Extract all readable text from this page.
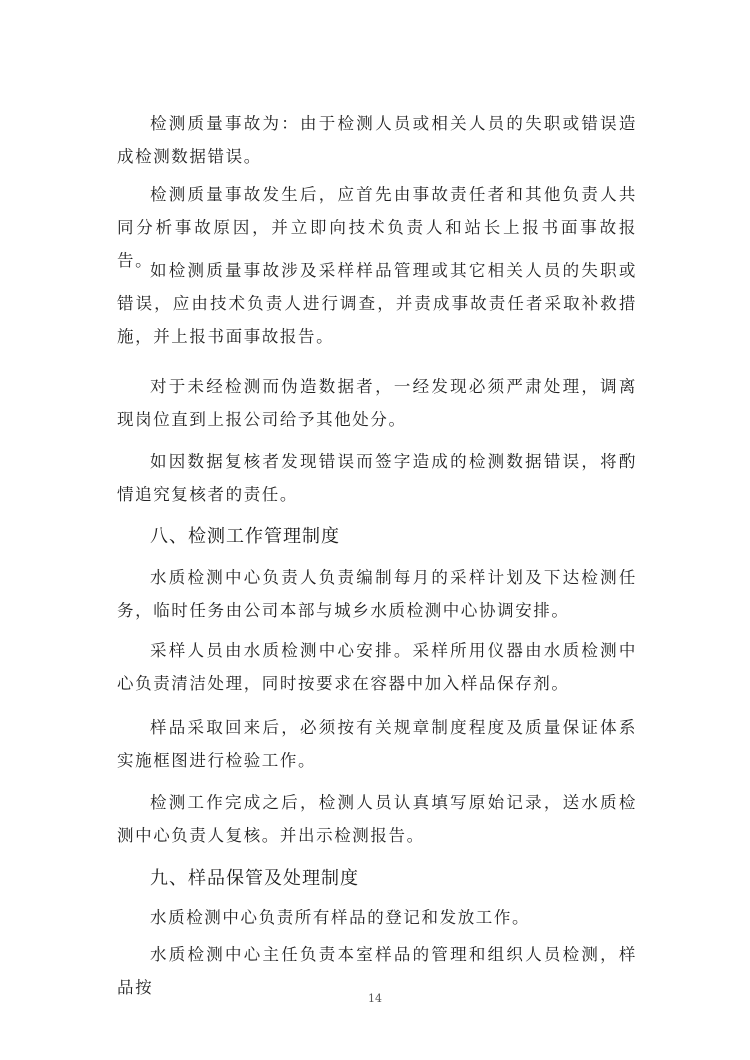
检测质量事故为：由于检测人员或相关人员的失职或错误造成检测数据错误。

检测质量事故发生后，应首先由事故责任者和其他负责人共同分析事故原因，并立即向技术负责人和站长上报书面事故报告。

如检测质量事故涉及采样样品管理或其它相关人员的失职或错误，应由技术负责人进行调查，并责成事故责任者采取补救措施，并上报书面事故报告。

对于未经检测而伪造数据者，一经发现必须严肃处理，调离现岗位直到上报公司给予其他处分。

如因数据复核者发现错误而签字造成的检测数据错误，将酌情追究复核者的责任。

八、检测工作管理制度

水质检测中心负责人负责编制每月的采样计划及下达检测任务，临时任务由公司本部与城乡水质检测中心协调安排。

采样人员由水质检测中心安排。采样所用仪器由水质检测中心负责清洁处理，同时按要求在容器中加入样品保存剂。

样品采取回来后，必须按有关规章制度程度及质量保证体系实施框图进行检验工作。

检测工作完成之后，检测人员认真填写原始记录，送水质检测中心负责人复核。并出示检测报告。

九、样品保管及处理制度

水质检测中心负责所有样品的登记和发放工作。

水质检测中心主任负责本室样品的管理和组织人员检测，样品按

14
